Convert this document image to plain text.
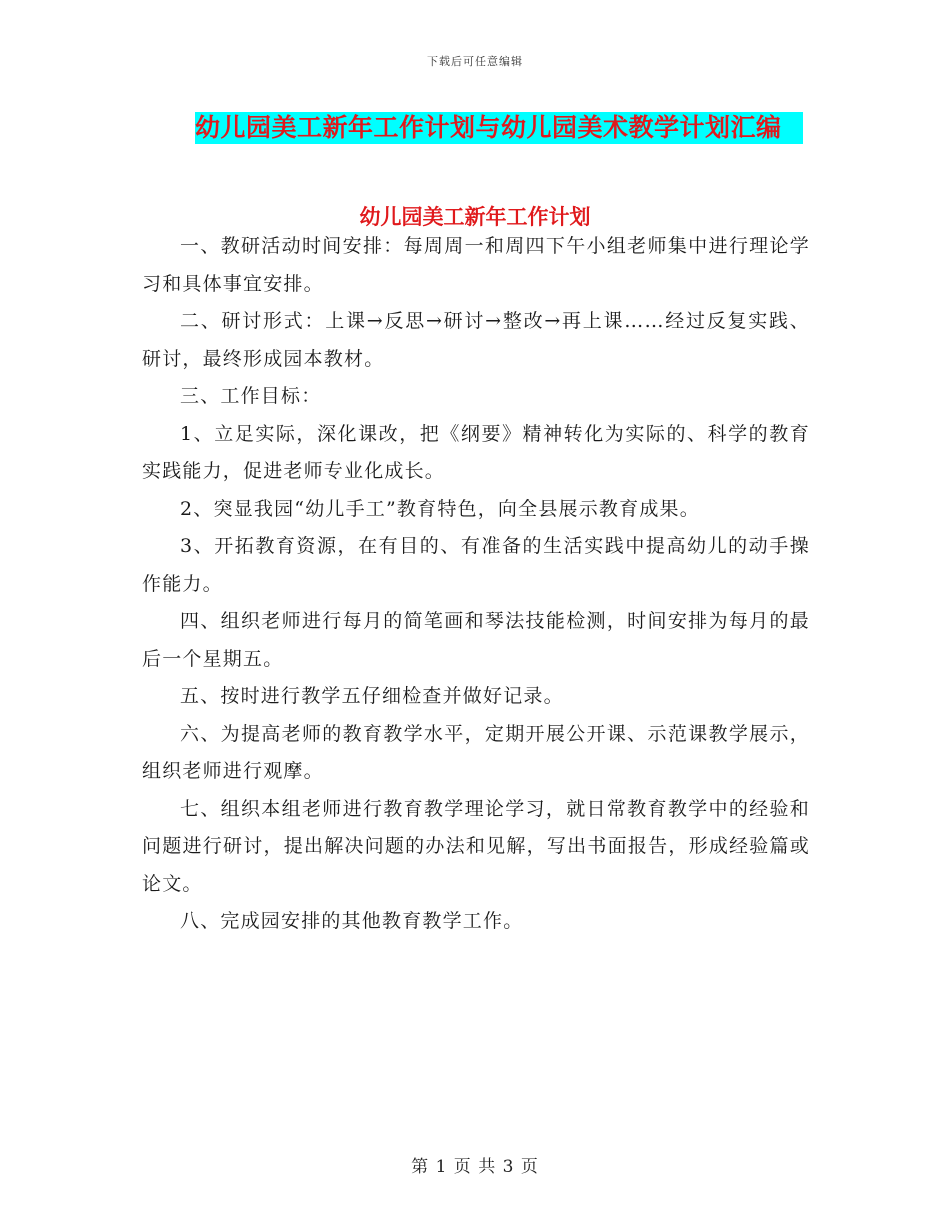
下载后可任意编辑
幼儿园美工新年工作计划与幼儿园美术教学计划汇编
幼儿园美工新年工作计划

一、教研活动时间安排：每周周一和周四下午小组老师集中进行理论学习和具体事宜安排。

二、研讨形式：上课→反思→研讨→整改→再上课……经过反复实践、研讨，最终形成园本教材。

三、工作目标：

1、立足实际，深化课改，把《纲要》精神转化为实际的、科学的教育实践能力，促进老师专业化成长。

2、突显我园“幼儿手工”教育特色，向全县展示教育成果。

3、开拓教育资源，在有目的、有准备的生活实践中提高幼儿的动手操作能力。

四、组织老师进行每月的简笔画和琴法技能检测，时间安排为每月的最后一个星期五。

五、按时进行教学五仔细检查并做好记录。

六、为提高老师的教育教学水平，定期开展公开课、示范课教学展示，组织老师进行观摩。

七、组织本组老师进行教育教学理论学习，就日常教育教学中的经验和问题进行研讨，提出解决问题的办法和见解，写出书面报告，形成经验篇或论文。

八、完成园安排的其他教育教学工作。

第 1 页 共 3 页
